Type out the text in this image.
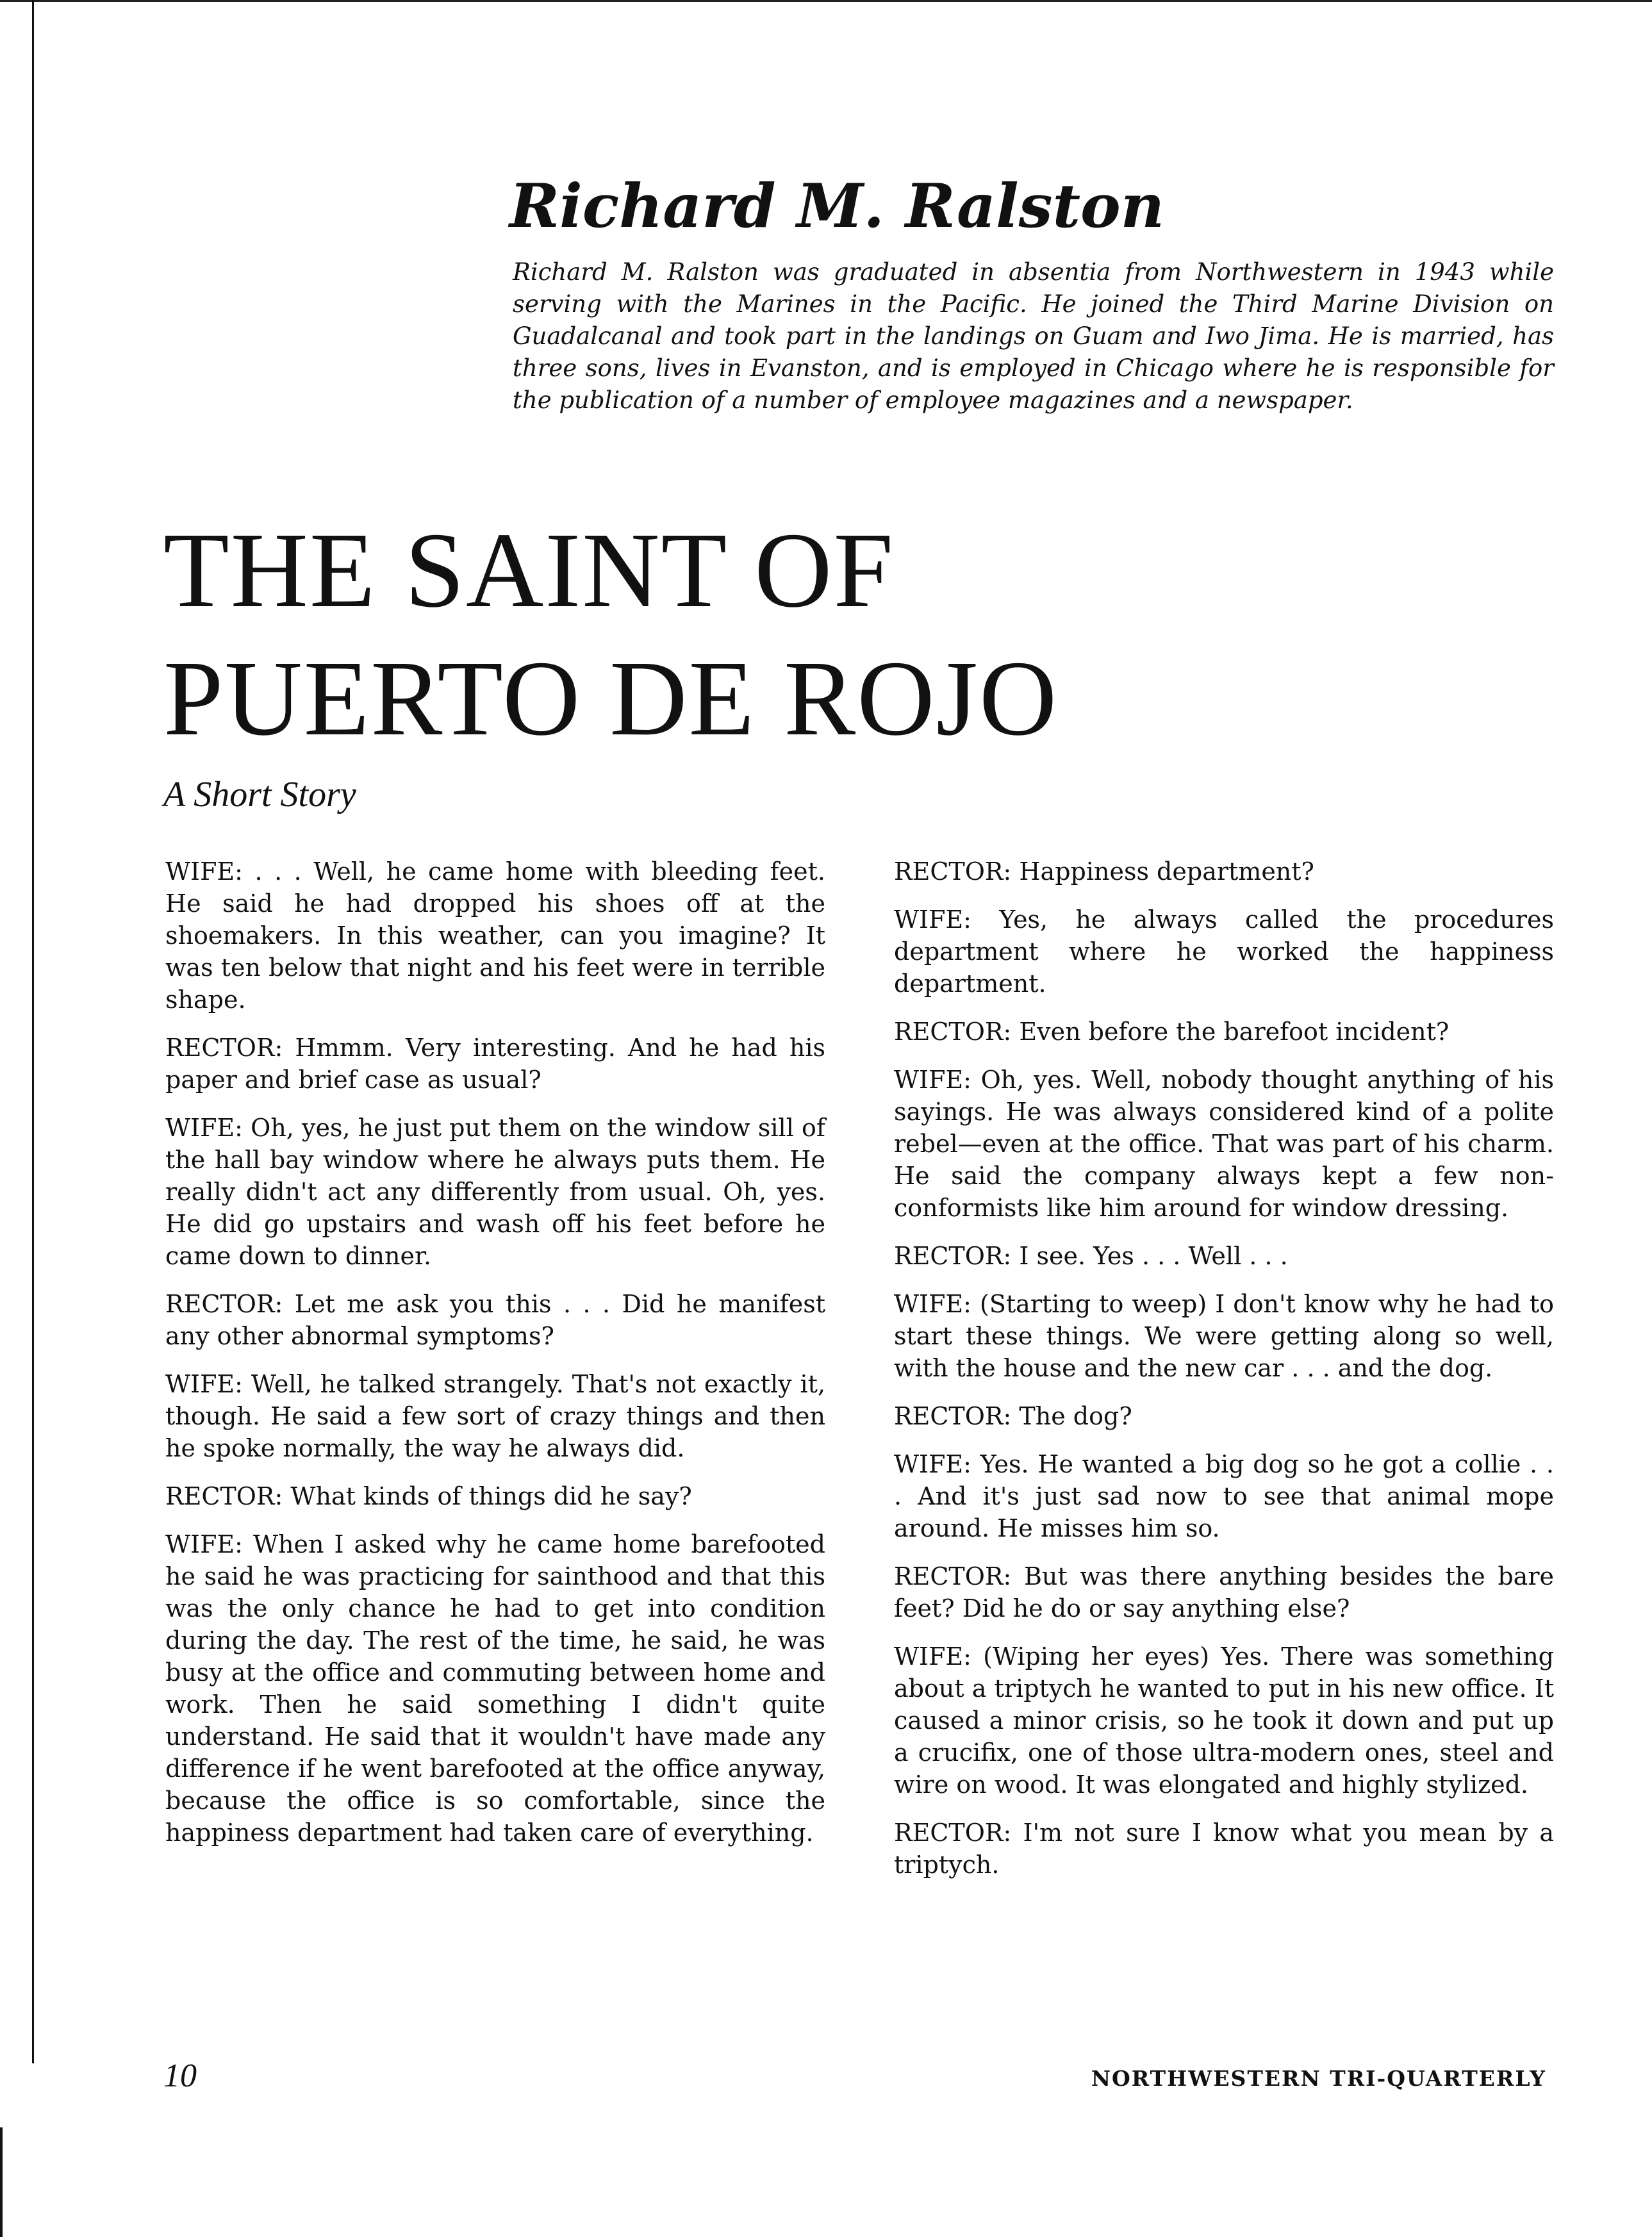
Richard M. Ralston

Richard M. Ralston was graduated in absentia from Northwestern in 1943 while serving with the Marines in the Pacific. He joined the Third Marine Division on Guadalcanal and took part in the landings on Guam and Iwo Jima. He is married, has three sons, lives in Evanston, and is employed in Chicago where he is responsible for the publication of a number of employee magazines and a newspaper.

THE SAINT OF
PUERTO DE ROJO

A Short Story

WIFE: . . . Well, he came home with bleeding feet. He said he had dropped his shoes off at the shoemakers. In this weather, can you imagine? It was ten below that night and his feet were in terrible shape.

RECTOR: Hmmm. Very interesting. And he had his paper and brief case as usual?

WIFE: Oh, yes, he just put them on the window sill of the hall bay window where he always puts them. He really didn't act any differently from usual. Oh, yes. He did go upstairs and wash off his feet before he came down to dinner.

RECTOR: Let me ask you this . . . Did he manifest any other abnormal symptoms?

WIFE: Well, he talked strangely. That's not exactly it, though. He said a few sort of crazy things and then he spoke normally, the way he always did.

RECTOR: What kinds of things did he say?

WIFE: When I asked why he came home barefooted he said he was practicing for sainthood and that this was the only chance he had to get into condition during the day. The rest of the time, he said, he was busy at the office and commuting between home and work. Then he said something I didn't quite understand. He said that it wouldn't have made any difference if he went barefooted at the office anyway, because the office is so comfortable, since the happiness department had taken care of everything.

RECTOR: Happiness department?

WIFE: Yes, he always called the procedures department where he worked the happiness department.

RECTOR: Even before the barefoot incident?

WIFE: Oh, yes. Well, nobody thought anything of his sayings. He was always considered kind of a polite rebel—even at the office. That was part of his charm. He said the company always kept a few non-conformists like him around for window dressing.

RECTOR: I see. Yes . . . Well . . .

WIFE: (Starting to weep) I don't know why he had to start these things. We were getting along so well, with the house and the new car . . . and the dog.

RECTOR: The dog?

WIFE: Yes. He wanted a big dog so he got a collie . . . And it's just sad now to see that animal mope around. He misses him so.

RECTOR: But was there anything besides the bare feet? Did he do or say anything else?

WIFE: (Wiping her eyes) Yes. There was something about a triptych he wanted to put in his new office. It caused a minor crisis, so he took it down and put up a crucifix, one of those ultra-modern ones, steel and wire on wood. It was elongated and highly stylized.

RECTOR: I'm not sure I know what you mean by a triptych.

10	NORTHWESTERN TRI-QUARTERLY
